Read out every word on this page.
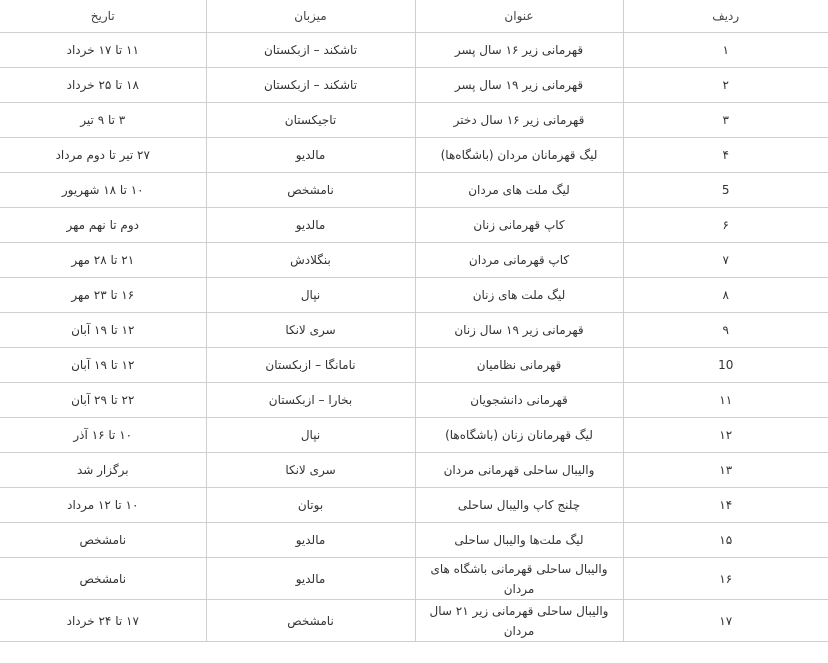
ردیف	عنوان	میزبان	تاریخ
۱	قهرمانی زیر ۱۶ سال پسر	تاشکند – ازبکستان	۱۱ تا ۱۷ خرداد
۲	قهرمانی زیر ۱۹ سال پسر	تاشکند – ازبکستان	۱۸ تا ۲۵ خرداد
۳	قهرمانی زیر ۱۶ سال دختر	تاجیکستان	۳ تا ۹ تیر
۴	لیگ قهرمانان مردان (باشگاه‌ها)	مالدیو	۲۷ تیر تا دوم مرداد
5	لیگ ملت های مردان	نامشخص	۱۰ تا ۱۸ شهریور
۶	کاپ قهرمانی زنان	مالدیو	دوم تا نهم مهر
۷	کاپ قهرمانی مردان	بنگلادش	۲۱ تا ۲۸ مهر
۸	لیگ ملت های زنان	نپال	۱۶ تا ۲۳ مهر
۹	قهرمانی زیر ۱۹ سال زنان	سری لانکا	۱۲ تا ۱۹ آبان
10	قهرمانی نظامیان	نامانگا – ازبکستان	۱۲ تا ۱۹ آبان
۱۱	قهرمانی دانشجویان	بخارا – ازبکستان	۲۲ تا ۲۹ آبان
۱۲	لیگ قهرمانان زنان (باشگاه‌ها)	نپال	۱۰ تا ۱۶ آذر
۱۳	والیبال ساحلی قهرمانی مردان	سری لانکا	برگزار شد
۱۴	چلنج کاپ والیبال ساحلی	بوتان	۱۰ تا ۱۲ مرداد
۱۵	لیگ ملت‌ها والیبال ساحلی	مالدیو	نامشخص
۱۶	والیبال ساحلی قهرمانی باشگاه های مردان	مالدیو	نامشخص
۱۷	والیبال ساحلی قهرمانی زیر ۲۱ سال مردان	نامشخص	۱۷ تا ۲۴ خرداد
